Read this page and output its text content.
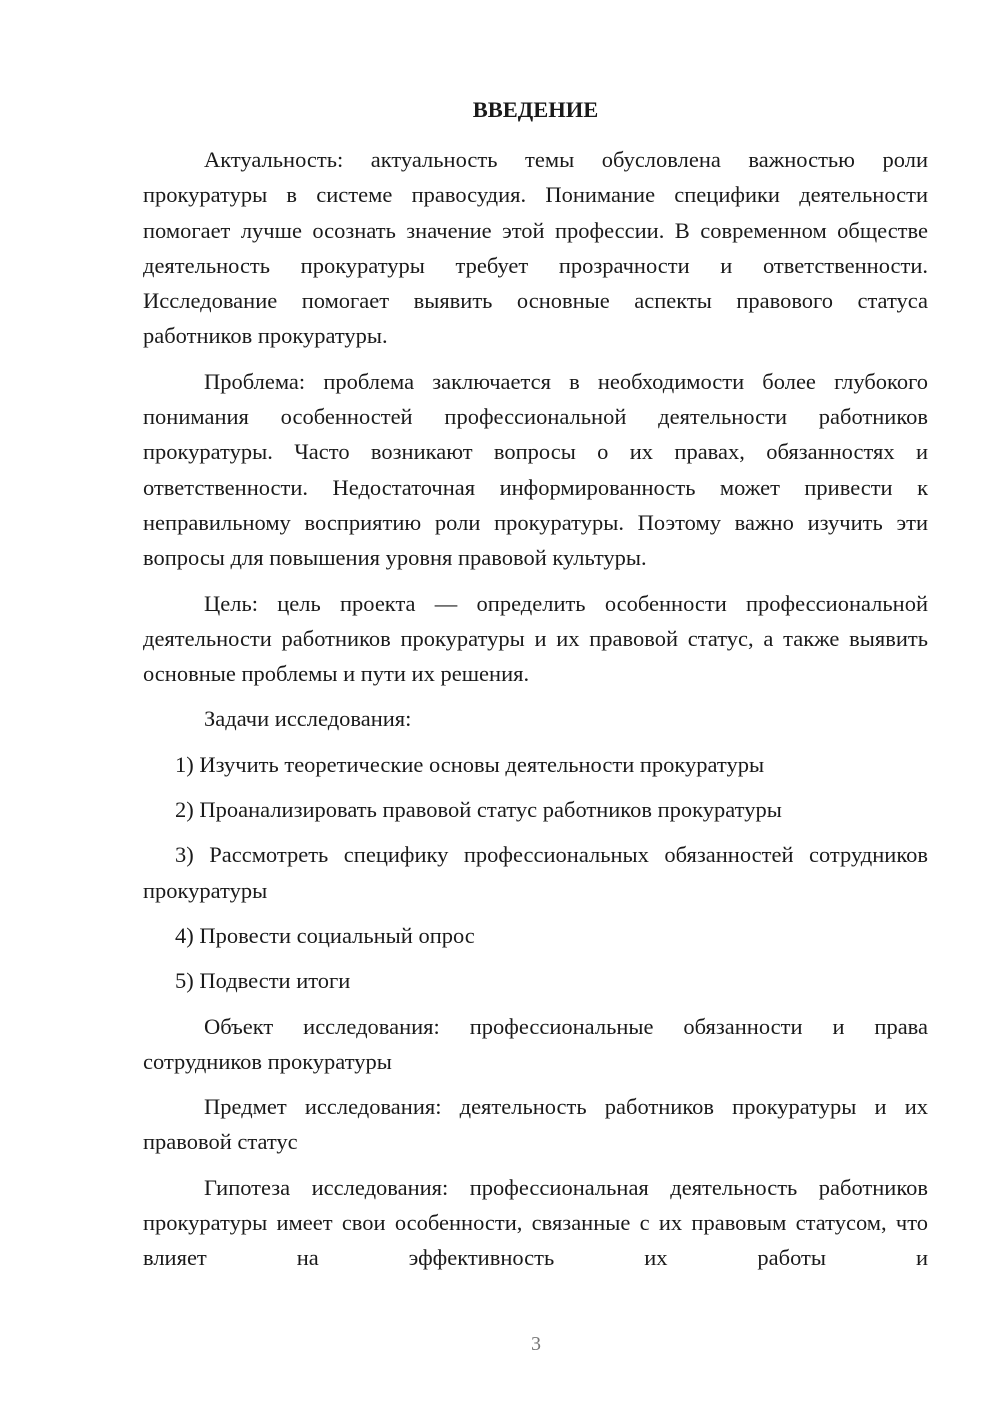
ВВЕДЕНИЕ

Актуальность: актуальность темы обусловлена важностью роли прокуратуры в системе правосудия. Понимание специфики деятельности помогает лучше осознать значение этой профессии. В современном обществе деятельность прокуратуры требует прозрачности и ответственности. Исследование помогает выявить основные аспекты правового статуса работников прокуратуры.

Проблема: проблема заключается в необходимости более глубокого понимания особенностей профессиональной деятельности работников прокуратуры. Часто возникают вопросы о их правах, обязанностях и ответственности. Недостаточная информированность может привести к неправильному восприятию роли прокуратуры. Поэтому важно изучить эти вопросы для повышения уровня правовой культуры.

Цель: цель проекта — определить особенности профессиональной деятельности работников прокуратуры и их правовой статус, а также выявить основные проблемы и пути их решения.

Задачи исследования:

1) Изучить теоретические основы деятельности прокуратуры

2) Проанализировать правовой статус работников прокуратуры

3) Рассмотреть специфику профессиональных обязанностей сотрудников прокуратуры

4) Провести социальный опрос

5) Подвести итоги

Объект исследования: профессиональные обязанности и права сотрудников прокуратуры

Предмет исследования: деятельность работников прокуратуры и их правовой статус

Гипотеза исследования: профессиональная деятельность работников прокуратуры имеет свои особенности, связанные с их правовым статусом, что влияет на эффективность их работы и

3
